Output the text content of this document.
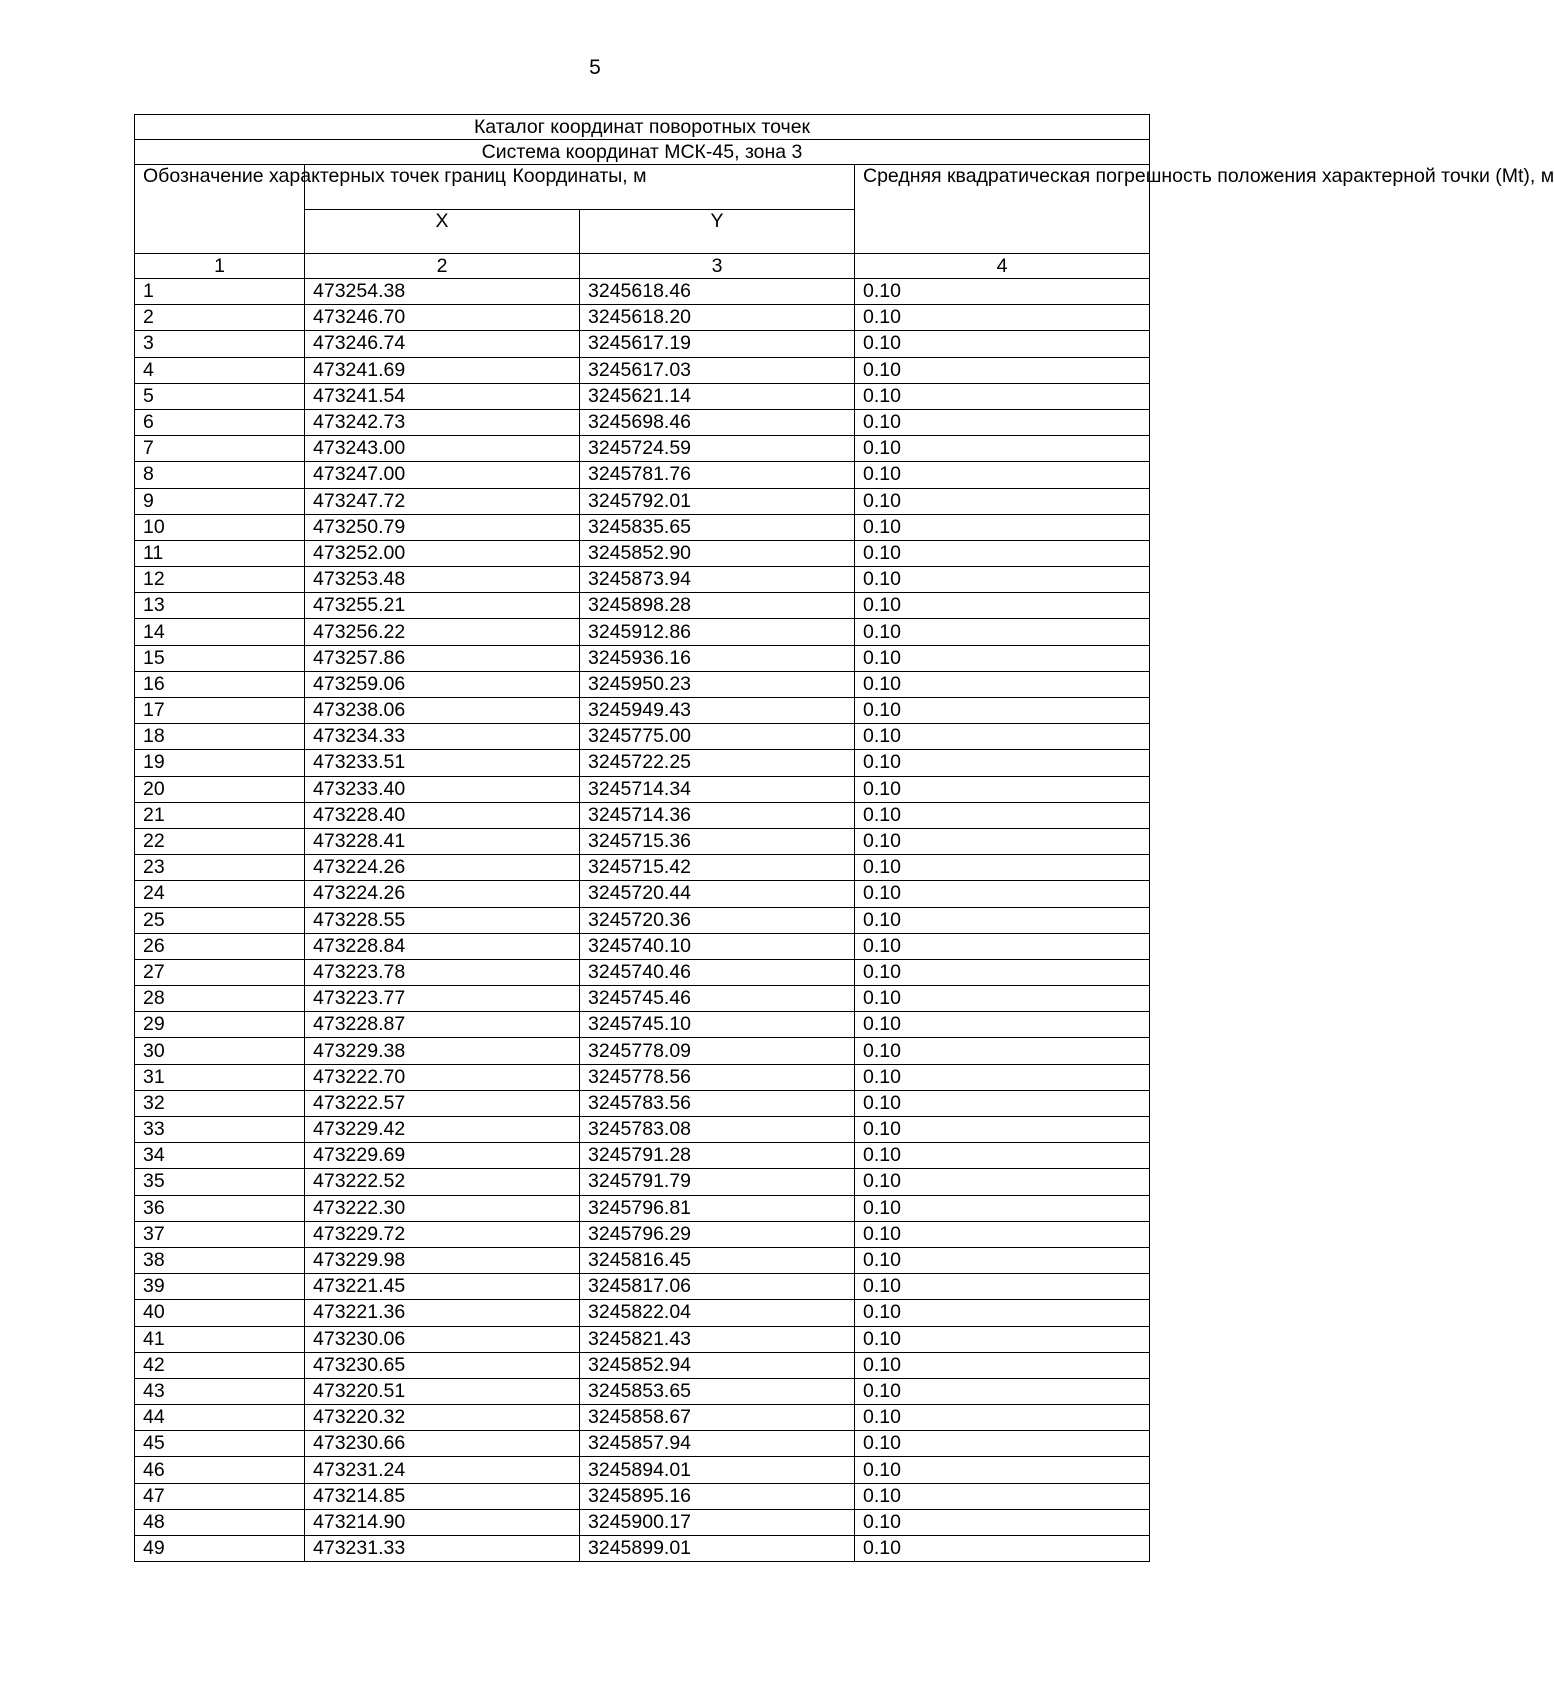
5
Каталог координат поворотных точек			
Система координат МСК-45, зона 3			
Обозначение характерных точек границ	Координаты, м		Средняя квадратическая погрешность положения характерной точки (Mt), м
	X	Y	
1	2	3	4
1	473254.38	3245618.46	0.10
2	473246.70	3245618.20	0.10
3	473246.74	3245617.19	0.10
4	473241.69	3245617.03	0.10
5	473241.54	3245621.14	0.10
6	473242.73	3245698.46	0.10
7	473243.00	3245724.59	0.10
8	473247.00	3245781.76	0.10
9	473247.72	3245792.01	0.10
10	473250.79	3245835.65	0.10
11	473252.00	3245852.90	0.10
12	473253.48	3245873.94	0.10
13	473255.21	3245898.28	0.10
14	473256.22	3245912.86	0.10
15	473257.86	3245936.16	0.10
16	473259.06	3245950.23	0.10
17	473238.06	3245949.43	0.10
18	473234.33	3245775.00	0.10
19	473233.51	3245722.25	0.10
20	473233.40	3245714.34	0.10
21	473228.40	3245714.36	0.10
22	473228.41	3245715.36	0.10
23	473224.26	3245715.42	0.10
24	473224.26	3245720.44	0.10
25	473228.55	3245720.36	0.10
26	473228.84	3245740.10	0.10
27	473223.78	3245740.46	0.10
28	473223.77	3245745.46	0.10
29	473228.87	3245745.10	0.10
30	473229.38	3245778.09	0.10
31	473222.70	3245778.56	0.10
32	473222.57	3245783.56	0.10
33	473229.42	3245783.08	0.10
34	473229.69	3245791.28	0.10
35	473222.52	3245791.79	0.10
36	473222.30	3245796.81	0.10
37	473229.72	3245796.29	0.10
38	473229.98	3245816.45	0.10
39	473221.45	3245817.06	0.10
40	473221.36	3245822.04	0.10
41	473230.06	3245821.43	0.10
42	473230.65	3245852.94	0.10
43	473220.51	3245853.65	0.10
44	473220.32	3245858.67	0.10
45	473230.66	3245857.94	0.10
46	473231.24	3245894.01	0.10
47	473214.85	3245895.16	0.10
48	473214.90	3245900.17	0.10
49	473231.33	3245899.01	0.10
